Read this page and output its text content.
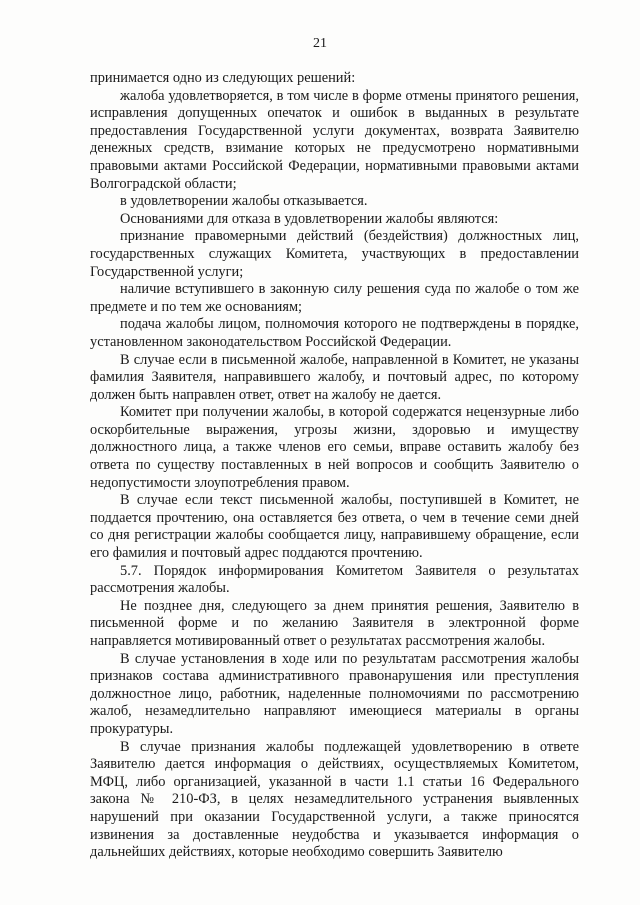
21

принимается одно из следующих решений:

жалоба удовлетворяется, в том числе в форме отмены принятого решения, исправления допущенных опечаток и ошибок в выданных в результате предоставления Государственной услуги документах, возврата Заявителю денежных средств, взимание которых не предусмотрено нормативными правовыми актами Российской Федерации, нормативными правовыми актами Волгоградской области;

в удовлетворении жалобы отказывается.

Основаниями для отказа в удовлетворении жалобы являются:

признание правомерными действий (бездействия) должностных лиц, государственных служащих Комитета, участвующих в предоставлении Государственной услуги;

наличие вступившего в законную силу решения суда по жалобе о том же предмете и по тем же основаниям;

подача жалобы лицом, полномочия которого не подтверждены в порядке, установленном законодательством Российской Федерации.

В случае если в письменной жалобе, направленной в Комитет, не указаны фамилия Заявителя, направившего жалобу, и почтовый адрес, по которому должен быть направлен ответ, ответ на жалобу не дается.

Комитет при получении жалобы, в которой содержатся нецензурные либо оскорбительные выражения, угрозы жизни, здоровью и имуществу должностного лица, а также членов его семьи, вправе оставить жалобу без ответа по существу поставленных в ней вопросов и сообщить Заявителю о недопустимости злоупотребления правом.

В случае если текст письменной жалобы, поступившей в Комитет, не поддается прочтению, она оставляется без ответа, о чем в течение семи дней со дня регистрации жалобы сообщается лицу, направившему обращение, если его фамилия и почтовый адрес поддаются прочтению.

5.7. Порядок информирования Комитетом Заявителя о результатах рассмотрения жалобы.

Не позднее дня, следующего за днем принятия решения, Заявителю в письменной форме и по желанию Заявителя в электронной форме направляется мотивированный ответ о результатах рассмотрения жалобы.

В случае установления в ходе или по результатам рассмотрения жалобы признаков состава административного правонарушения или преступления должностное лицо, работник, наделенные полномочиями по рассмотрению жалоб, незамедлительно направляют имеющиеся материалы в органы прокуратуры.

В случае признания жалобы подлежащей удовлетворению в ответе Заявителю дается информация о действиях, осуществляемых Комитетом, МФЦ, либо организацией, указанной в части 1.1 статьи 16 Федерального закона № 210-ФЗ, в целях незамедлительного устранения выявленных нарушений при оказании Государственной услуги, а также приносятся извинения за доставленные неудобства и указывается информация о дальнейших действиях, которые необходимо совершить Заявителю
